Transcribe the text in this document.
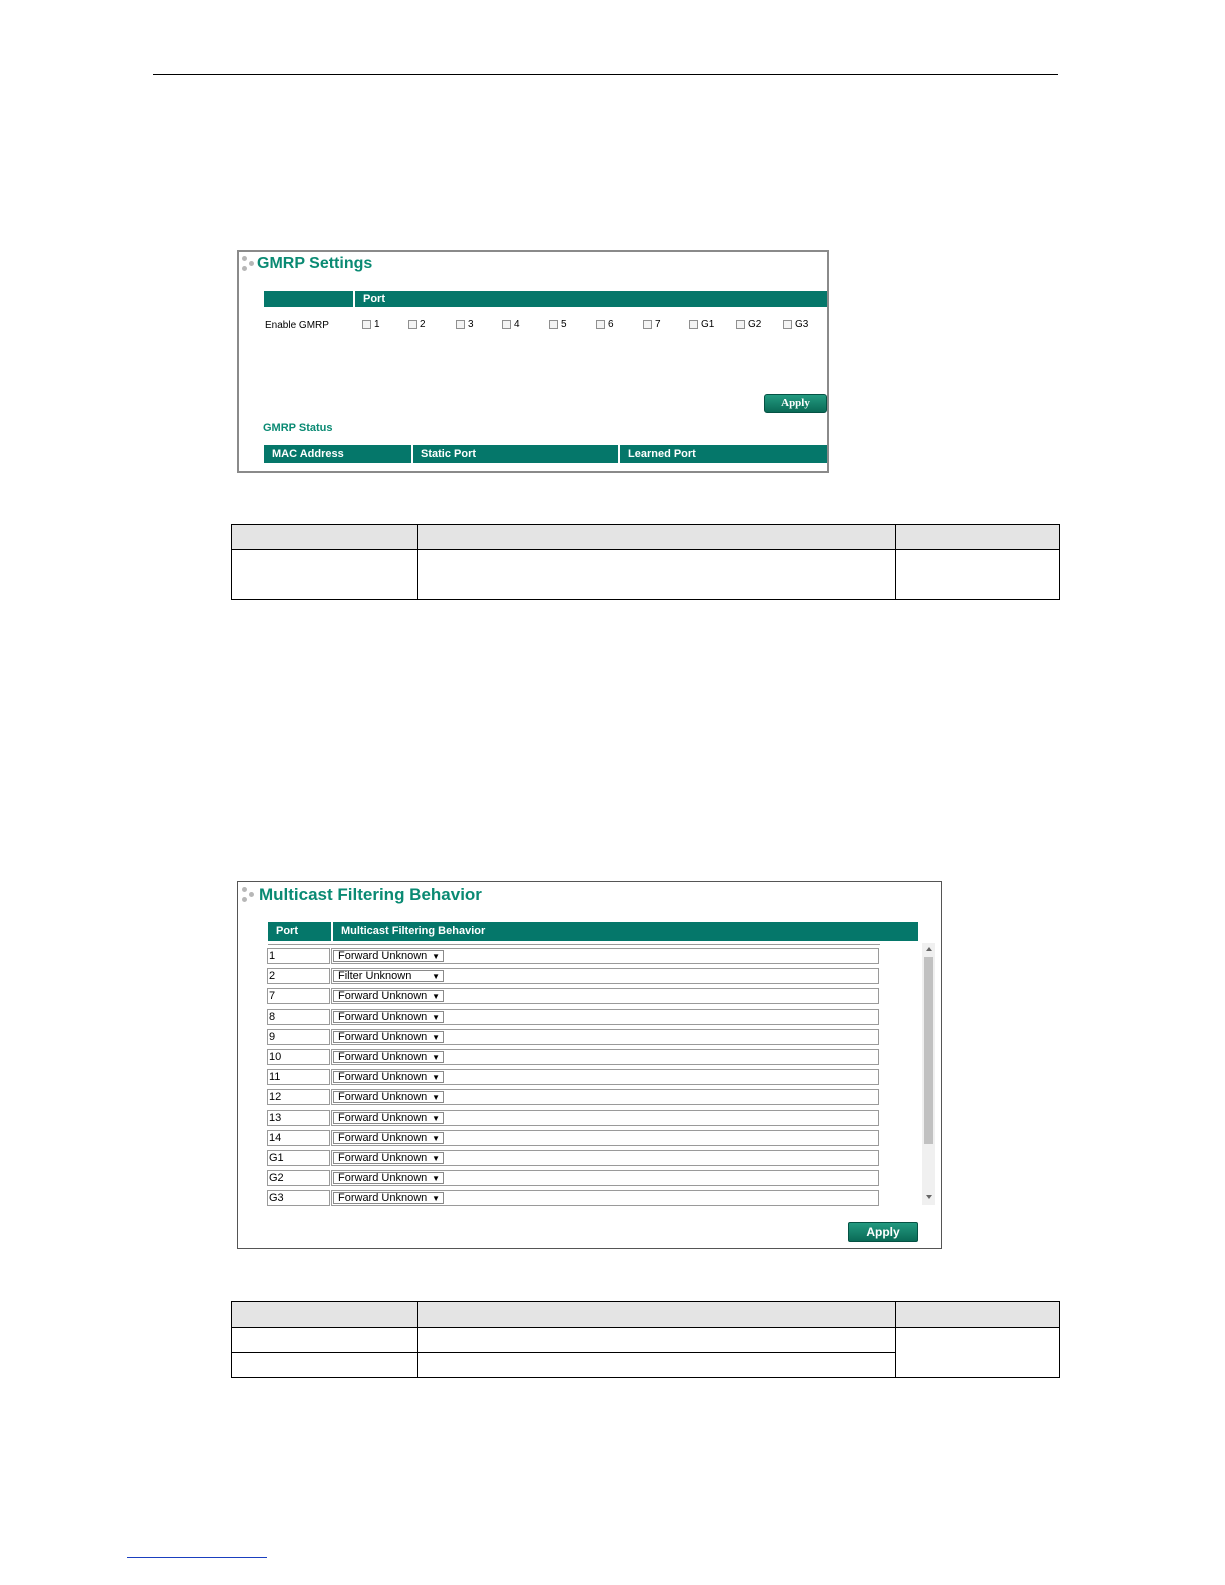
GMRP Settings
Port
Enable GMRP	1	2	3	4	5	6	7	G1	G2	G3
Apply
GMRP Status
MAC Address	Static Port	Learned Port

Multicast Filtering Behavior
Port	Multicast Filtering Behavior
1	Forward Unknown ▼
2	Filter Unknown	▼
7	Forward Unknown ▼
8	Forward Unknown ▼
9	Forward Unknown ▼
10	Forward Unknown ▼
11	Forward Unknown ▼
12	Forward Unknown ▼
13	Forward Unknown ▼
14	Forward Unknown ▼
G1	Forward Unknown ▼
G2	Forward Unknown ▼
G3	Forward Unknown ▼
Apply
